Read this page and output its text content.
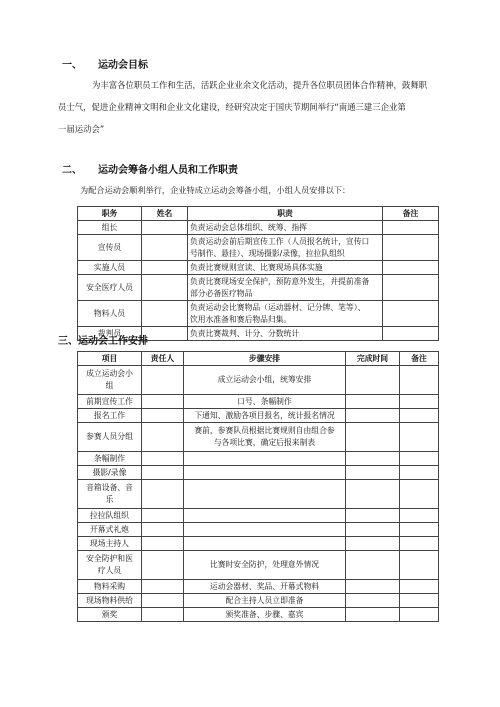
一、 运动会目标
为丰富各位职员工作和生活，活跃企业业余文化活动，提升各位职员团体合作精神，鼓舞职
员士气，促进企业精神文明和企业文化建设，经研究决定于国庆节期间举行“南通三建三企业第
一届运动会”
二、 运动会筹备小组人员和工作职责

为配合运动会顺利举行，企业特成立运动会筹备小组，小组人员安排以下：

职务	姓名	职责	备注
组长		负责运动会总体组织、统筹、指挥	

宣传员		负责运动会前后期宣传工作（人员报名统计，宣传口
号制作、悬挂）、现场摄影/录像，拉拉队组织	

实施人员		负责比赛规则宣读、比赛现场具体实施	

安全医疗人员		负责比赛现场安全保护，预防意外发生，并提前准备
部分必备医疗物品	

物料人员		负责运动会比赛物品（运动器材、记分牌、笔等）、
饮用水准备和赛后物品归集。	

裁判员		负责比赛裁判、计分、分数统计	

三、运动会工作安排
项目	责任人	步骤安排	完成时间	备注

成立运动会小
组		成立运动会小组，统筹安排		

前期宣传工作		口号、条幅制作		

报名工作		下通知、激励各项目报名，统计报名情况		

参赛人员分组		赛前，参赛队员根据比赛规则自由组合参
与各项比赛，确定后报来制表		

条幅制作				

摄影/录像				

音箱设备、音
乐				

拉拉队组织				

开幕式礼炮				

现场主持人				

安全防护和医
疗人员		比赛时安全防护，处理意外情况		

物料采购		运动会器材、奖品、开幕式物料		

现场物料供给		配合主持人员立即准备		

颁奖		颁奖准备、步骤、嘉宾		
